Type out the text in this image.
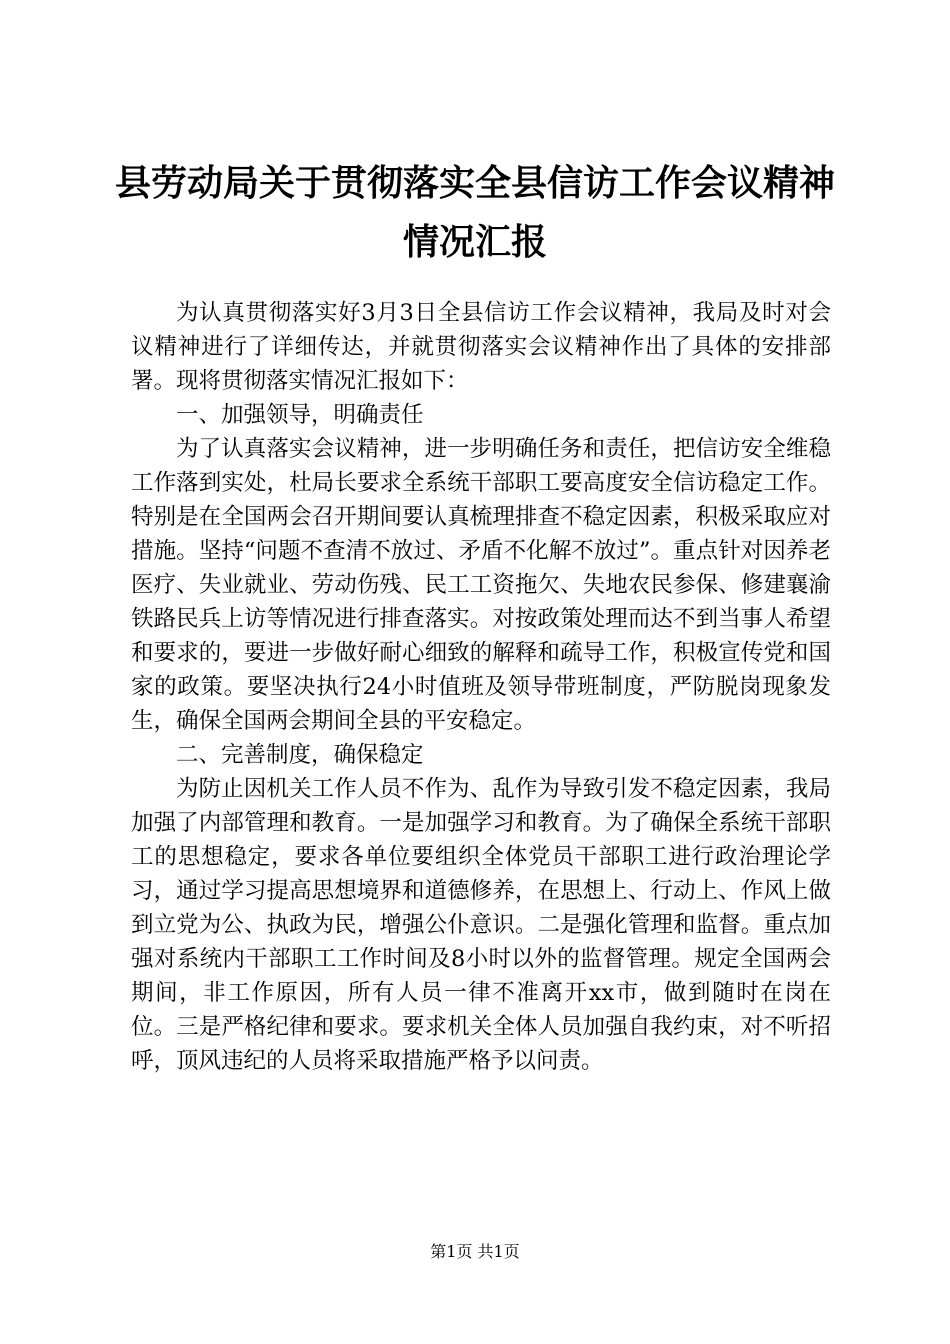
县劳动局关于贯彻落实全县信访工作会议精神
情况汇报

为认真贯彻落实好3月3日全县信访工作会议精神，我局及时对会议精神进行了详细传达，并就贯彻落实会议精神作出了具体的安排部署。现将贯彻落实情况汇报如下：

一、加强领导，明确责任

为了认真落实会议精神，进一步明确任务和责任，把信访安全维稳工作落到实处，杜局长要求全系统干部职工要高度安全信访稳定工作。特别是在全国两会召开期间要认真梳理排查不稳定因素，积极采取应对措施。坚持“问题不查清不放过、矛盾不化解不放过”。重点针对因养老医疗、失业就业、劳动伤残、民工工资拖欠、失地农民参保、修建襄渝铁路民兵上访等情况进行排查落实。对按政策处理而达不到当事人希望和要求的，要进一步做好耐心细致的解释和疏导工作，积极宣传党和国家的政策。要坚决执行24小时值班及领导带班制度，严防脱岗现象发生，确保全国两会期间全县的平安稳定。

二、完善制度，确保稳定

为防止因机关工作人员不作为、乱作为导致引发不稳定因素，我局加强了内部管理和教育。一是加强学习和教育。为了确保全系统干部职工的思想稳定，要求各单位要组织全体党员干部职工进行政治理论学习，通过学习提高思想境界和道德修养，在思想上、行动上、作风上做到立党为公、执政为民，增强公仆意识。二是强化管理和监督。重点加强对系统内干部职工工作时间及8小时以外的监督管理。规定全国两会期间，非工作原因，所有人员一律不准离开xx市，做到随时在岗在位。三是严格纪律和要求。要求机关全体人员加强自我约束，对不听招呼，顶风违纪的人员将采取措施严格予以问责。

第1页 共1页
